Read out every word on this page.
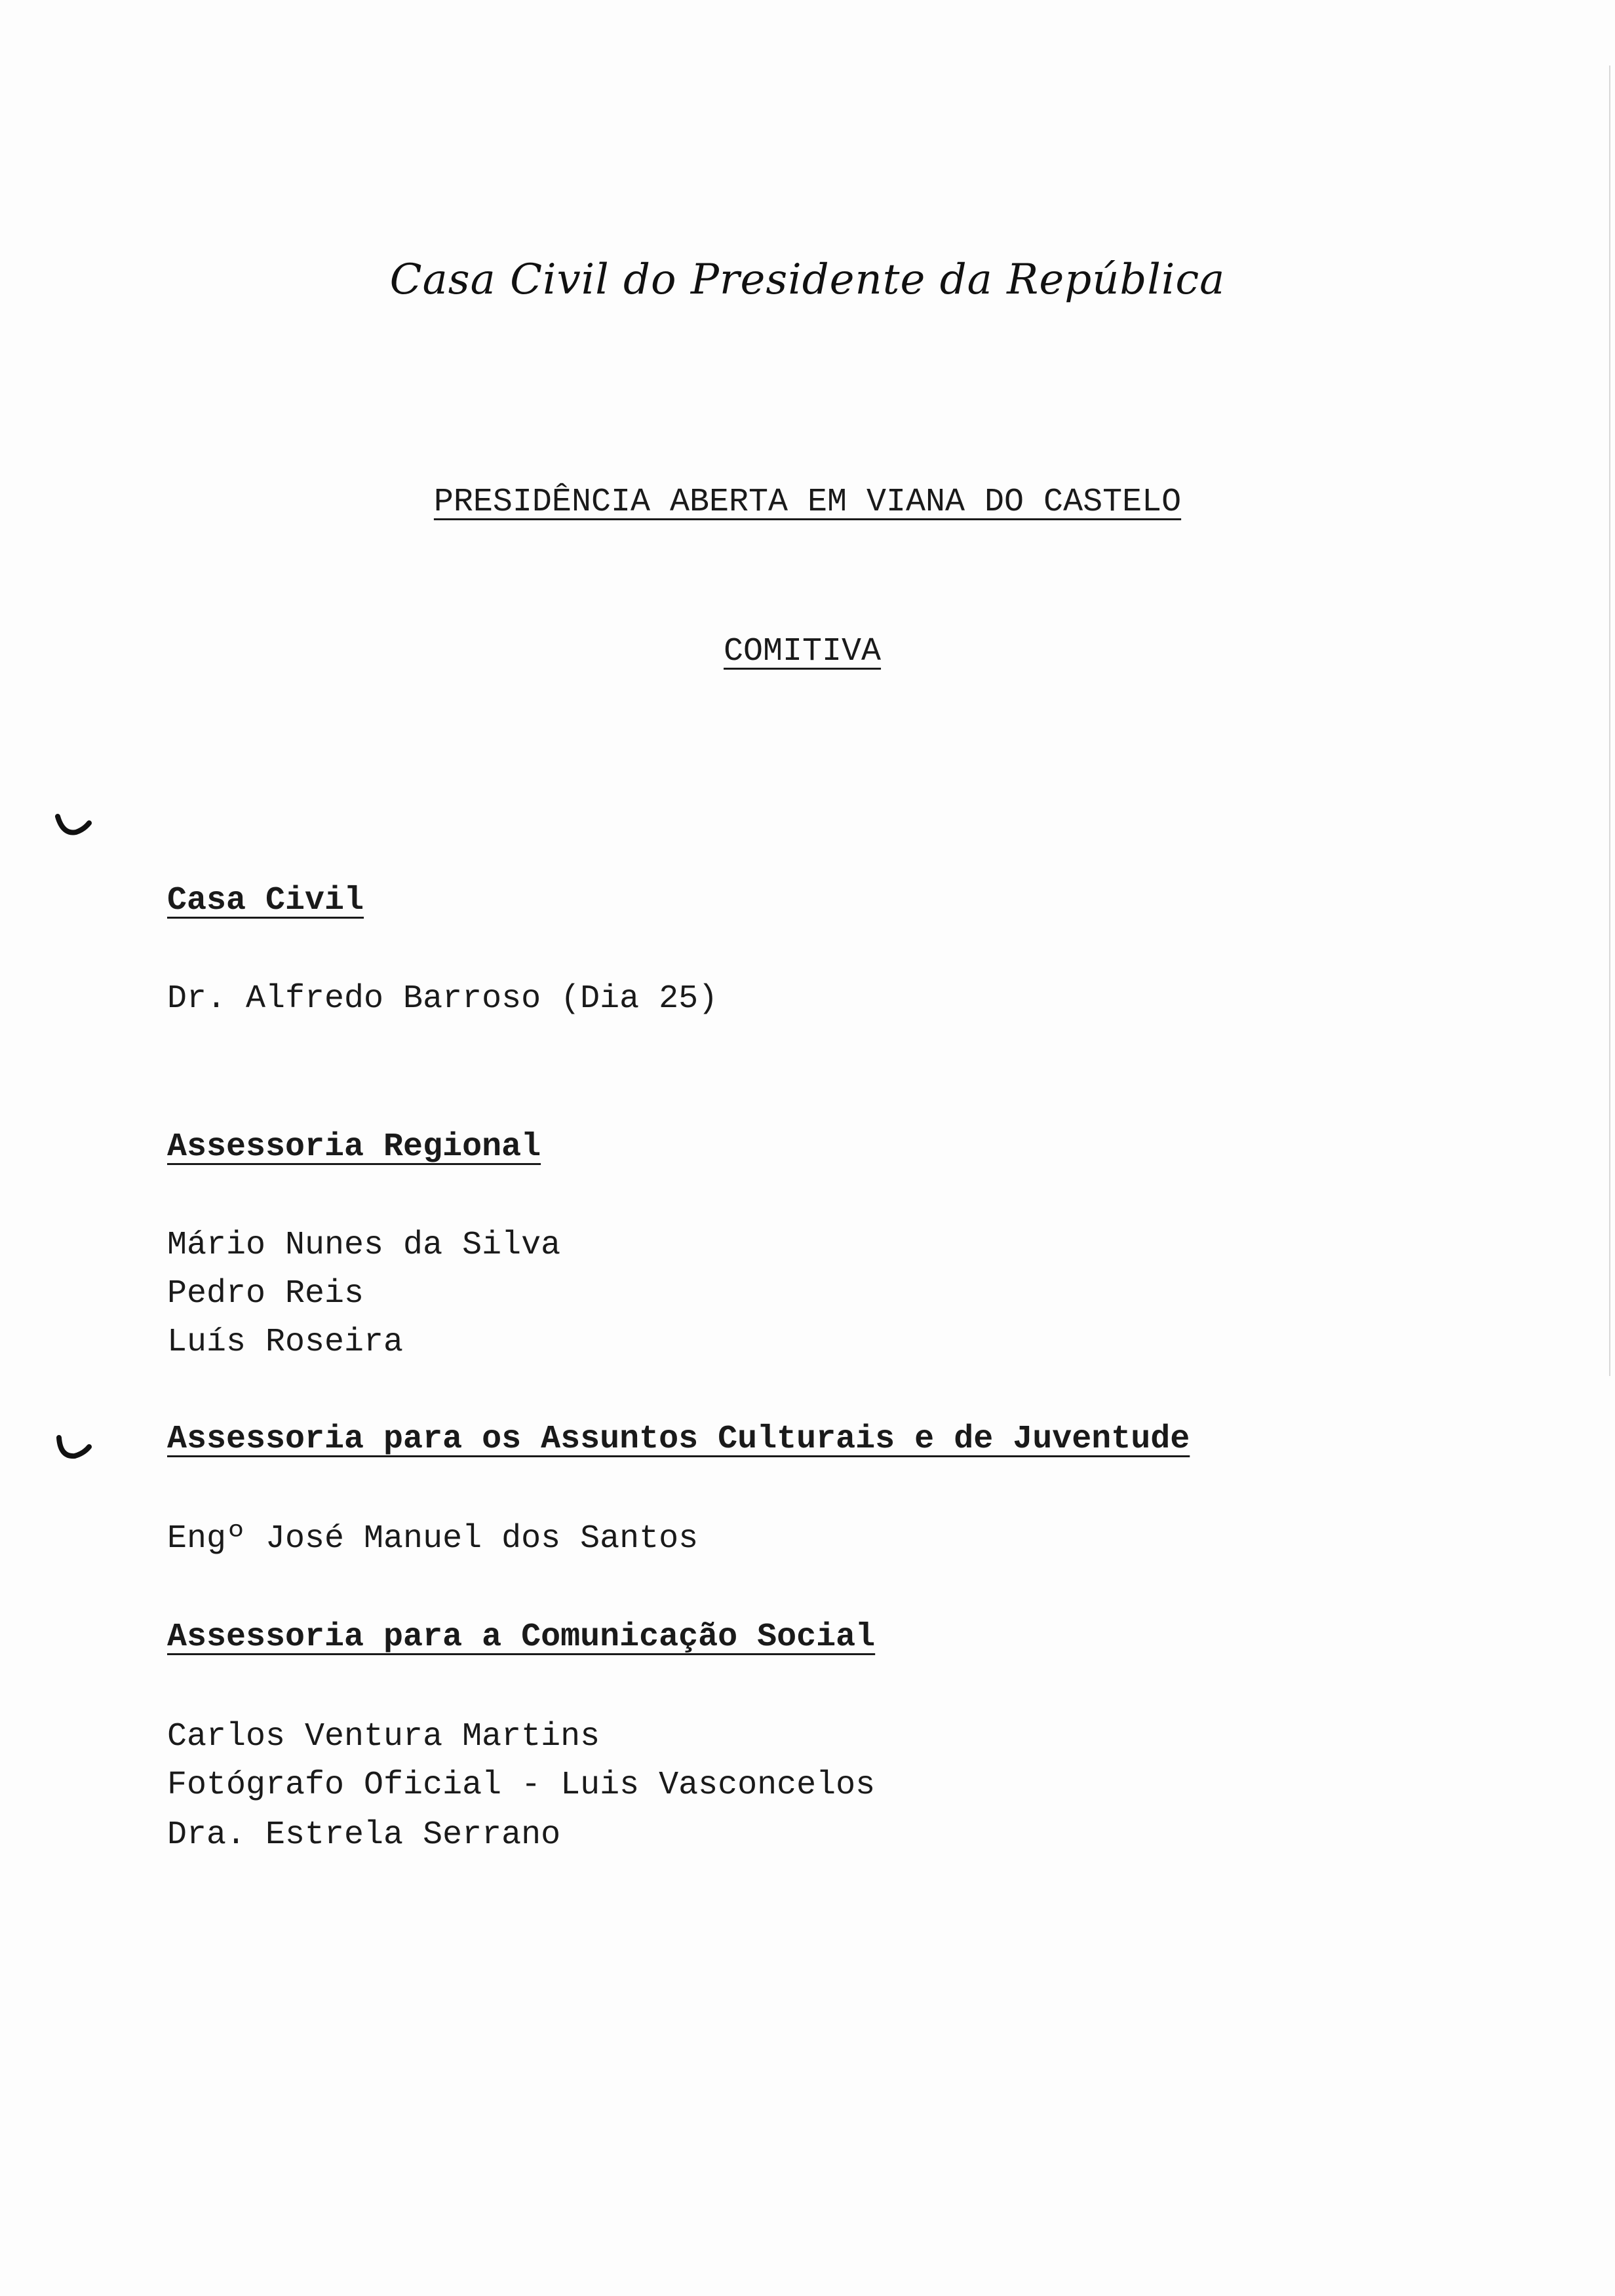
Casa Civil do Presidente da República
PRESIDÊNCIA ABERTA EM VIANA DO CASTELO
COMITIVA
Casa Civil
Dr. Alfredo Barroso (Dia 25)
Assessoria Regional
Mário Nunes da Silva
Pedro Reis
Luís Roseira
Assessoria para os Assuntos Culturais e de Juventude
Engº José Manuel dos Santos
Assessoria para a Comunicação Social
Carlos Ventura Martins
Fotógrafo Oficial - Luis Vasconcelos
Dra. Estrela Serrano
